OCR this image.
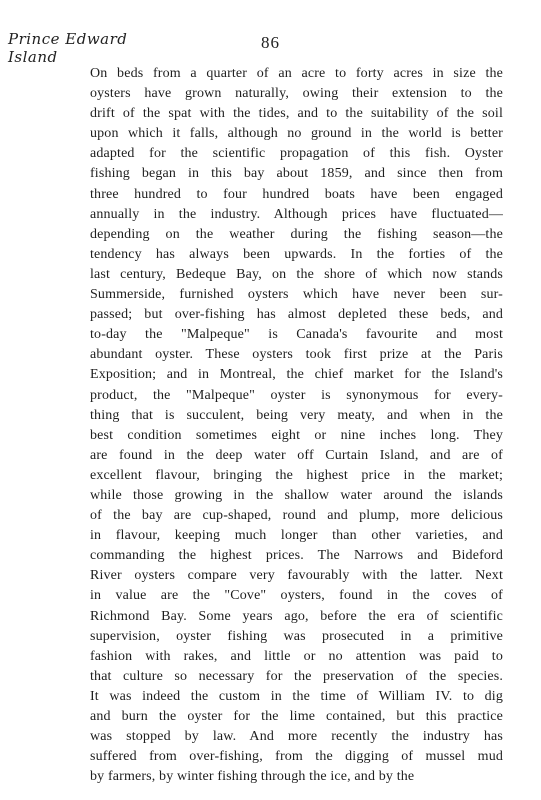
Prince Edward
Island
86
On beds from a quarter of an acre to forty acres in size the
oysters have grown naturally, owing their extension to the
drift of the spat with the tides, and to the suitability of the soil
upon which it falls, although no ground in the world is better
adapted for the scientific propagation of this fish. Oyster
fishing began in this bay about 1859, and since then from
three hundred to four hundred boats have been engaged
annually in the industry. Although prices have fluctuated—
depending on the weather during the fishing season—the
tendency has always been upwards. In the forties of the
last century, Bedeque Bay, on the shore of which now stands
Summerside, furnished oysters which have never been sur-
passed; but over-fishing has almost depleted these beds, and
to-day the "Malpeque" is Canada's favourite and most
abundant oyster. These oysters took first prize at the Paris
Exposition; and in Montreal, the chief market for the Island's
product, the "Malpeque" oyster is synonymous for every-
thing that is succulent, being very meaty, and when in the
best condition sometimes eight or nine inches long. They
are found in the deep water off Curtain Island, and are of
excellent flavour, bringing the highest price in the market;
while those growing in the shallow water around the islands
of the bay are cup-shaped, round and plump, more delicious
in flavour, keeping much longer than other varieties, and
commanding the highest prices. The Narrows and Bideford
River oysters compare very favourably with the latter. Next
in value are the "Cove" oysters, found in the coves of
Richmond Bay. Some years ago, before the era of scientific
supervision, oyster fishing was prosecuted in a primitive
fashion with rakes, and little or no attention was paid to
that culture so necessary for the preservation of the species.
It was indeed the custom in the time of William IV. to dig
and burn the oyster for the lime contained, but this practice
was stopped by law. And more recently the industry has
suffered from over-fishing, from the digging of mussel mud
by farmers, by winter fishing through the ice, and by the
